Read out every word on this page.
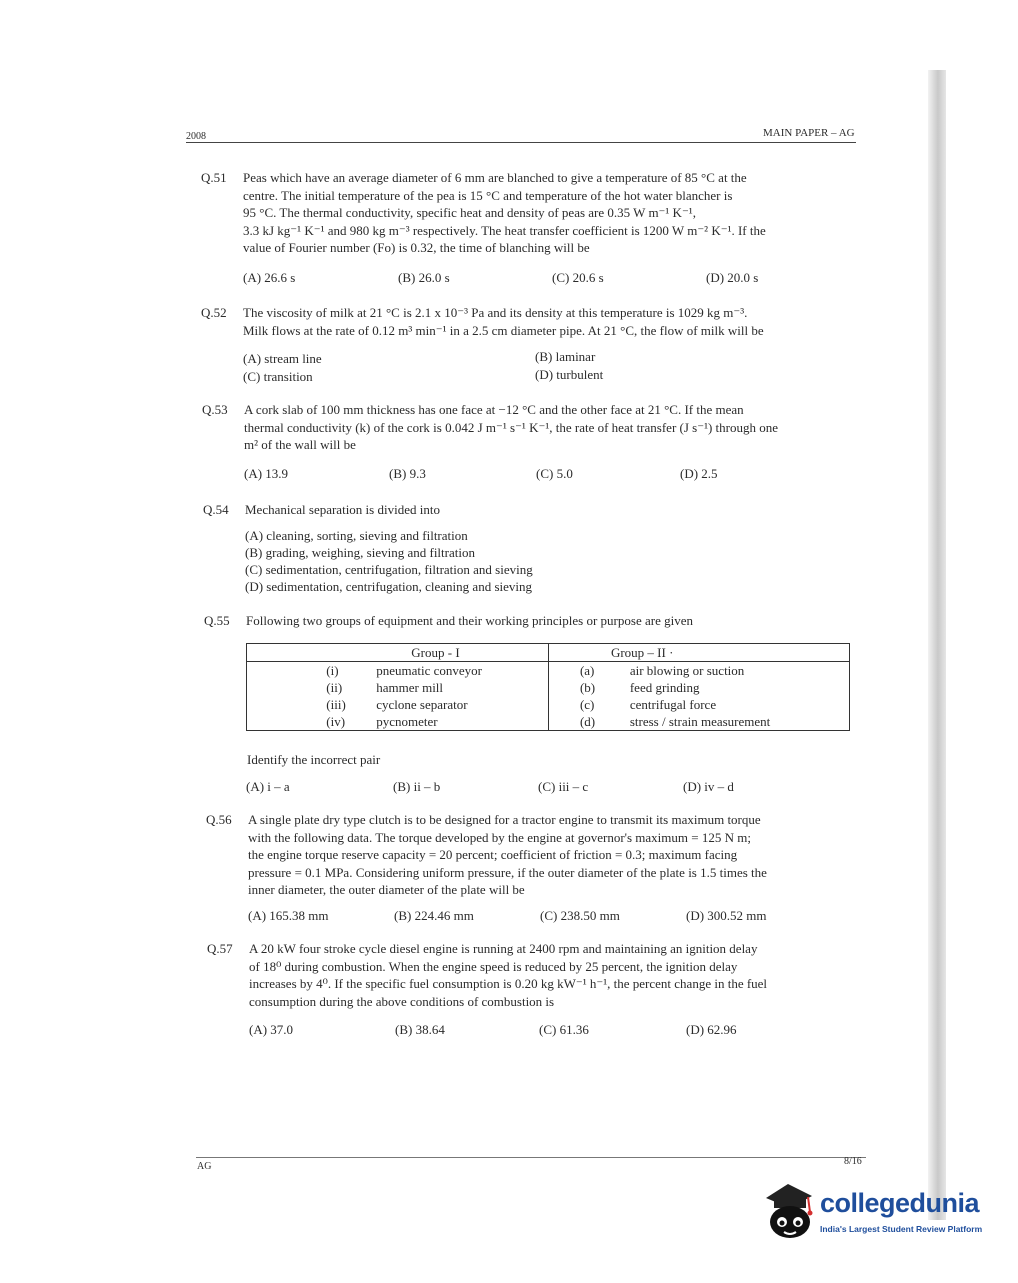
2008	MAIN PAPER – AG
Q.51 Peas which have an average diameter of 6 mm are blanched to give a temperature of 85 °C at the
centre. The initial temperature of the pea is 15 °C and temperature of the hot water blancher is
95 °C. The thermal conductivity, specific heat and density of peas are 0.35 W m⁻¹ K⁻¹,
3.3 kJ kg⁻¹ K⁻¹ and 980 kg m⁻³ respectively. The heat transfer coefficient is 1200 W m⁻² K⁻¹. If the
value of Fourier number (Fo) is 0.32, the time of blanching will be
(A) 26.6 s	(B) 26.0 s	(C) 20.6 s	(D) 20.0 s
Q.52 The viscosity of milk at 21 °C is 2.1 x 10⁻³ Pa and its density at this temperature is 1029 kg m⁻³.
Milk flows at the rate of 0.12 m³ min⁻¹ in a 2.5 cm diameter pipe. At 21 °C, the flow of milk will be
(A) stream line	(B) laminar
(C) transition	(D) turbulent
Q.53 A cork slab of 100 mm thickness has one face at −12 °C and the other face at 21 °C. If the mean
thermal conductivity (k) of the cork is 0.042 J m⁻¹ s⁻¹ K⁻¹, the rate of heat transfer (J s⁻¹) through one
m² of the wall will be
(A) 13.9	(B) 9.3	(C) 5.0	(D) 2.5
Q.54 Mechanical separation is divided into
(A) cleaning, sorting, sieving and filtration
(B) grading, weighing, sieving and filtration
(C) sedimentation, centrifugation, filtration and sieving
(D) sedimentation, centrifugation, cleaning and sieving
Q.55 Following two groups of equipment and their working principles or purpose are given
	Group - I			Group – II ·	
	(i)	pneumatic conveyor		(a)	air blowing or suction
	(ii)	hammer mill		(b)	feed grinding
	(iii)	cyclone separator		(c)	centrifugal force
	(iv)	pycnometer		(d)	stress / strain measurement
Identify the incorrect pair
(A) i – a	(B) ii – b	(C) iii – c	(D) iv – d
Q.56 A single plate dry type clutch is to be designed for a tractor engine to transmit its maximum torque
with the following data. The torque developed by the engine at governor's maximum = 125 N m;
the engine torque reserve capacity = 20 percent; coefficient of friction = 0.3; maximum facing
pressure = 0.1 MPa. Considering uniform pressure, if the outer diameter of the plate is 1.5 times the
inner diameter, the outer diameter of the plate will be
(A) 165.38 mm	(B) 224.46 mm	(C) 238.50 mm	(D) 300.52 mm
Q.57 A 20 kW four stroke cycle diesel engine is running at 2400 rpm and maintaining an ignition delay
of 18⁰ during combustion. When the engine speed is reduced by 25 percent, the ignition delay
increases by 4⁰. If the specific fuel consumption is 0.20 kg kW⁻¹ h⁻¹, the percent change in the fuel
consumption during the above conditions of combustion is
(A) 37.0	(B) 38.64	(C) 61.36	(D) 62.96
AG	8/16
collegedunia
India's Largest Student Review Platform
